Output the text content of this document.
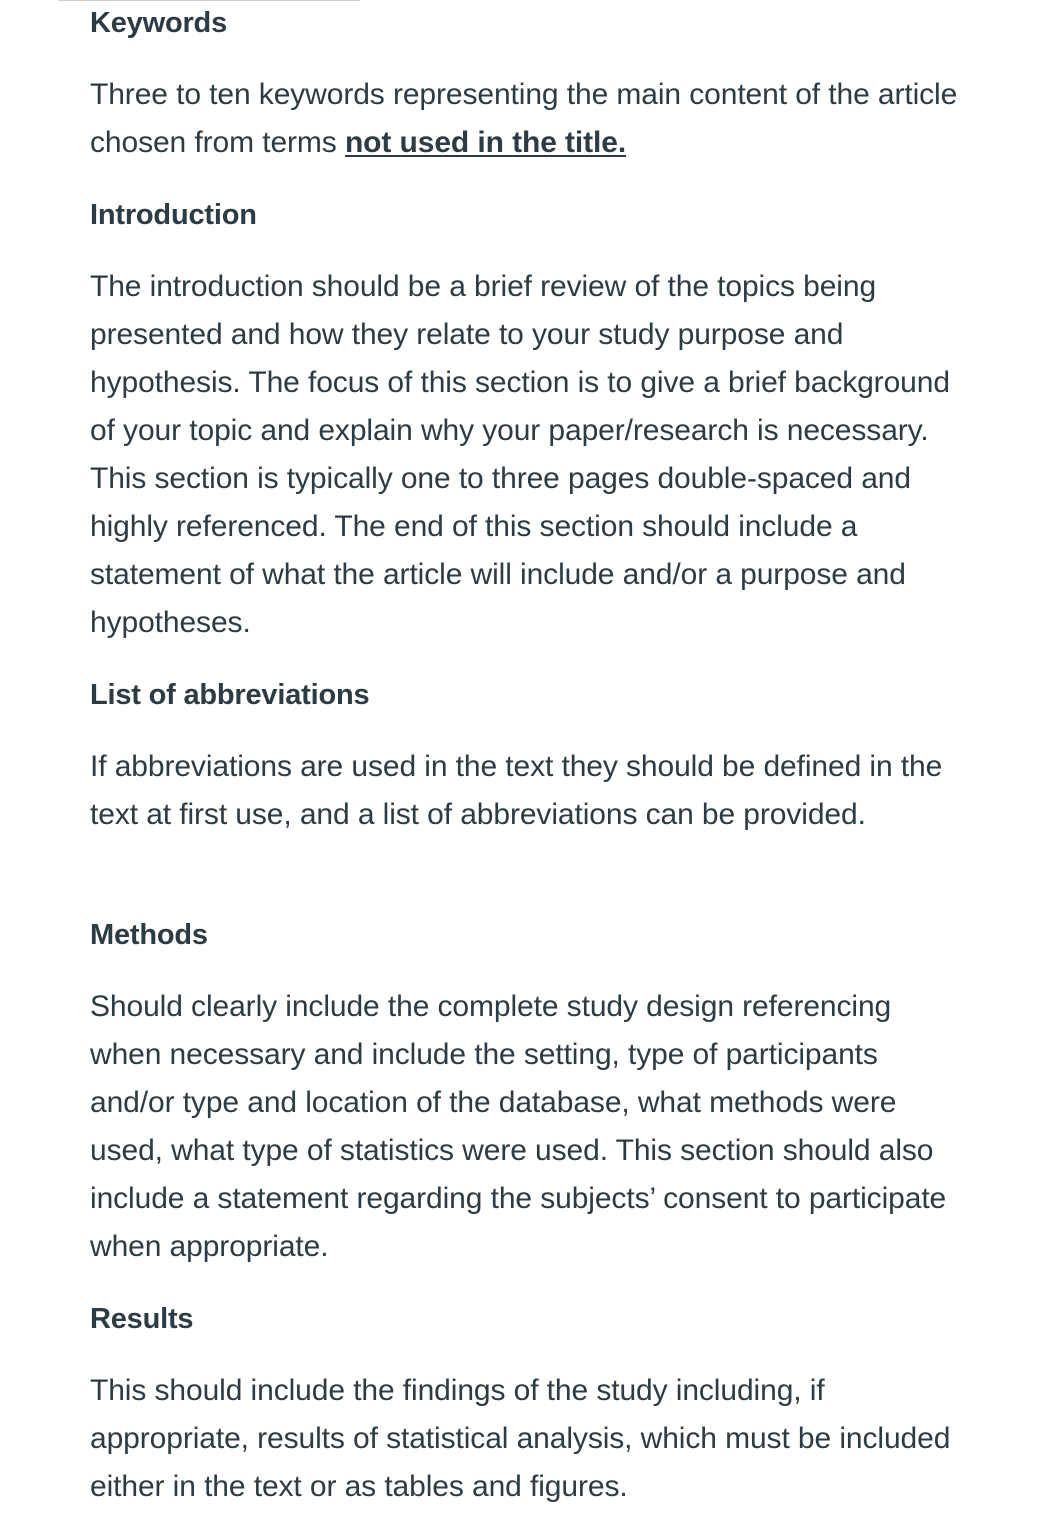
Keywords

Three to ten keywords representing the main content of the article chosen from terms not used in the title.

Introduction

The introduction should be a brief review of the topics being presented and how they relate to your study purpose and hypothesis. The focus of this section is to give a brief background of your topic and explain why your paper/research is necessary. This section is typically one to three pages double-spaced and highly referenced. The end of this section should include a statement of what the article will include and/or a purpose and hypotheses.

List of abbreviations

If abbreviations are used in the text they should be defined in the text at first use, and a list of abbreviations can be provided.

Methods

Should clearly include the complete study design referencing when necessary and include the setting, type of participants and/or type and location of the database, what methods were used, what type of statistics were used. This section should also include a statement regarding the subjects’ consent to participate when appropriate.

Results

This should include the findings of the study including, if appropriate, results of statistical analysis, which must be included either in the text or as tables and figures.
